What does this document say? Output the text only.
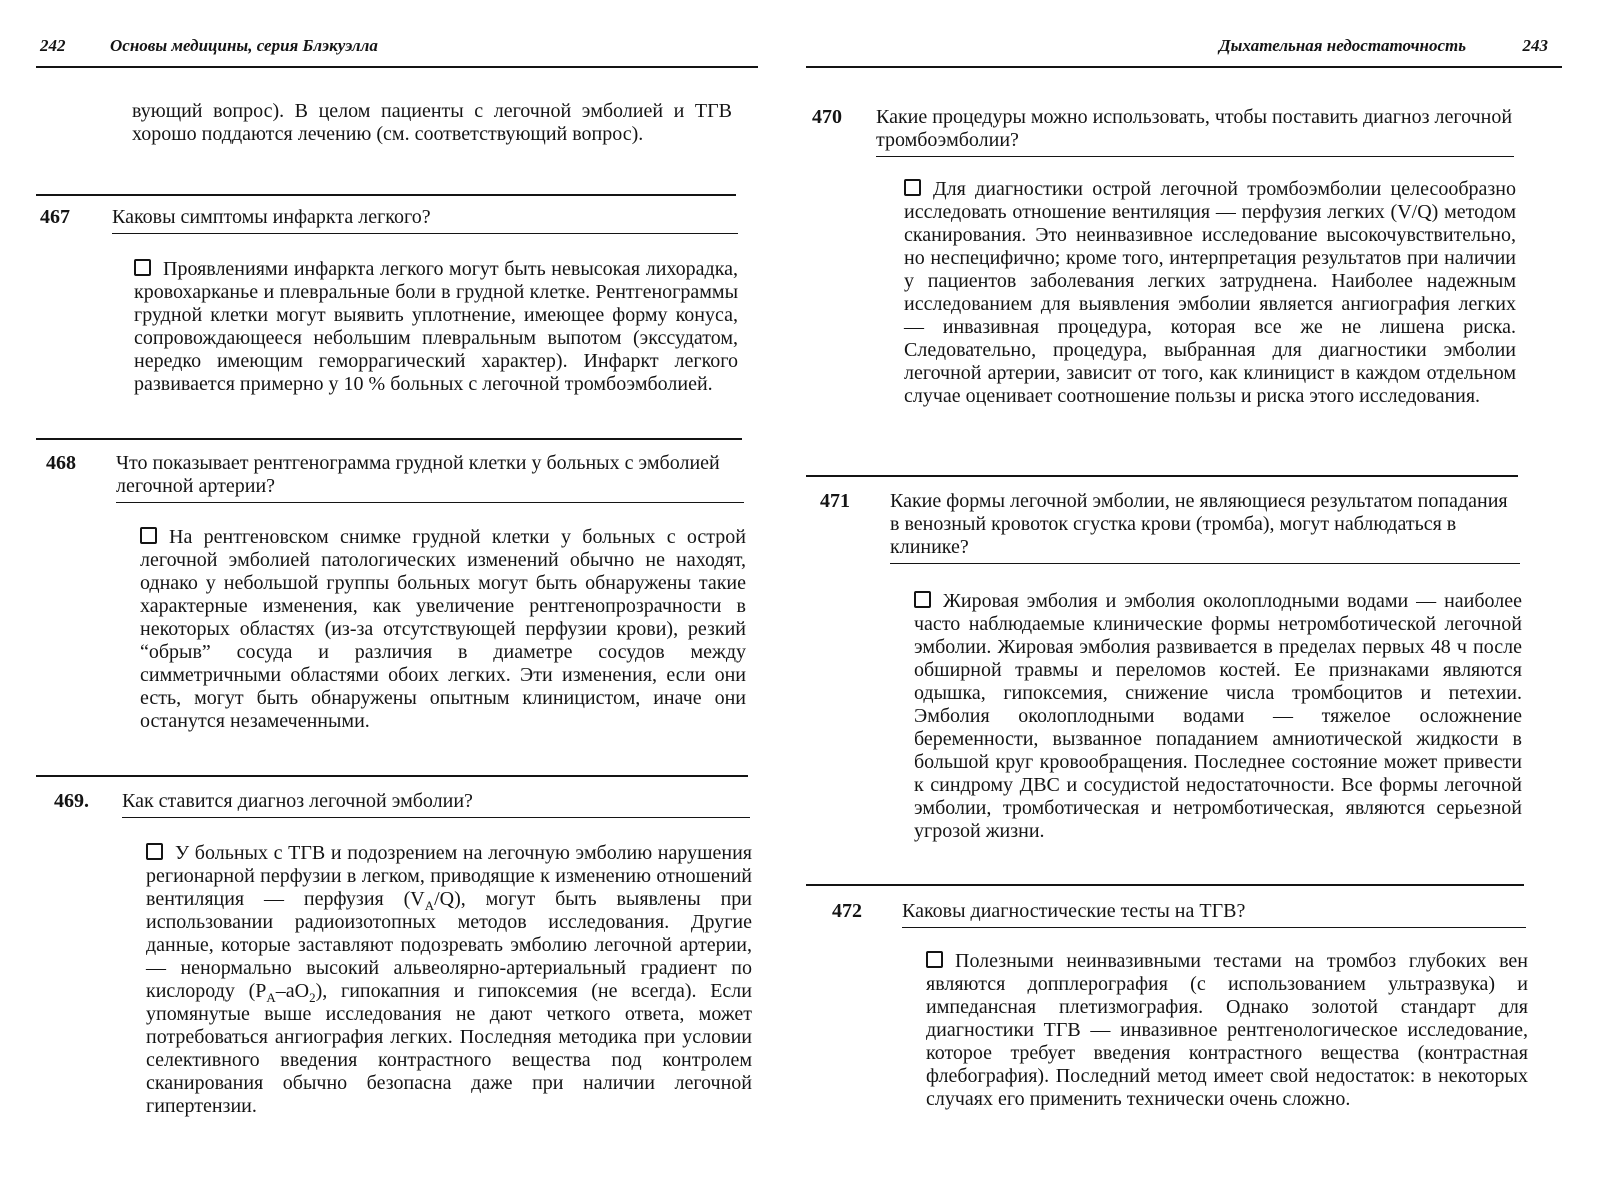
242	Основы медицины, серия Блэкуэлла

вующий вопрос). В целом пациенты с легочной эмболией и ТГВ хорошо поддаются лечению (см. соответствующий вопрос).

467 Каковы симптомы инфаркта легкого?

Проявлениями инфаркта легкого могут быть невысокая лихорадка, кровохарканье и плевральные боли в грудной клетке. Рентгенограммы грудной клетки могут выявить уплотнение, имеющее форму конуса, сопровождающееся небольшим плевральным выпотом (экссудатом, нередко имеющим геморрагический характер). Инфаркт легкого развивается примерно у 10 % больных с легочной тромбоэмболией.

468 Что показывает рентгенограмма грудной клетки у больных с эмболией легочной артерии?

На рентгеновском снимке грудной клетки у больных с острой легочной эмболией патологических изменений обычно не находят, однако у небольшой группы больных могут быть обнаружены такие характерные изменения, как увеличение рентгенопрозрачности в некоторых областях (из-за отсутствующей перфузии крови), резкий “обрыв” сосуда и различия в диаметре сосудов между симметричными областями обоих легких. Эти изменения, если они есть, могут быть обнаружены опытным клиницистом, иначе они останутся незамеченными.

469. Как ставится диагноз легочной эмболии?

У больных с ТГВ и подозрением на легочную эмболию нарушения регионарной перфузии в легком, приводящие к изменению отношений вентиляция — перфузия $(V_A/Q)$, могут быть выявлены при использовании радиоизотопных методов исследования. Другие данные, которые заставляют подозревать эмболию легочной артерии, — ненормально высокий альвеолярно-артериальный градиент по кислороду $(P_A-aO_2)$, гипокапния и гипоксемия (не всегда). Если упомянутые выше исследования не дают четкого ответа, может потребоваться ангиография легких. Последняя методика при условии селективного введения контрастного вещества под контролем сканирования обычно безопасна даже при наличии легочной гипертензии.

Дыхательная недостаточность	243
470 Какие процедуры можно использовать, чтобы поставить диагноз легочной тромбоэмболии?

Для диагностики острой легочной тромбоэмболии целесообразно исследовать отношение вентиляция — перфузия легких (V/Q) методом сканирования. Это неинвазивное исследование высокочувствительно, но неспецифично; кроме того, интерпретация результатов при наличии у пациентов заболевания легких затруднена. Наиболее надежным исследованием для выявления эмболии является ангиография легких — инвазивная процедура, которая все же не лишена риска. Следовательно, процедура, выбранная для диагностики эмболии легочной артерии, зависит от того, как клиницист в каждом отдельном случае оценивает соотношение пользы и риска этого исследования.

471 Какие формы легочной эмболии, не являющиеся результатом попадания в венозный кровоток сгустка крови (тромба), могут наблюдаться в клинике?

Жировая эмболия и эмболия околоплодными водами — наиболее часто наблюдаемые клинические формы нетромботической легочной эмболии. Жировая эмболия развивается в пределах первых 48 ч после обширной травмы и переломов костей. Ее признаками являются одышка, гипоксемия, снижение числа тромбоцитов и петехии. Эмболия околоплодными водами — тяжелое осложнение беременности, вызванное попаданием амниотической жидкости в большой круг кровообращения. Последнее состояние может привести к синдрому ДВС и сосудистой недостаточности. Все формы легочной эмболии, тромботическая и нетромботическая, являются серьезной угрозой жизни.

472 Каковы диагностические тесты на ТГВ?

Полезными неинвазивными тестами на тромбоз глубоких вен являются допплерография (с использованием ультразвука) и импедансная плетизмография. Однако золотой стандарт для диагностики ТГВ — инвазивное рентгенологическое исследование, которое требует введения контрастного вещества (контрастная флебография). Последний метод имеет свой недостаток: в некоторых случаях его применить технически очень сложно.
